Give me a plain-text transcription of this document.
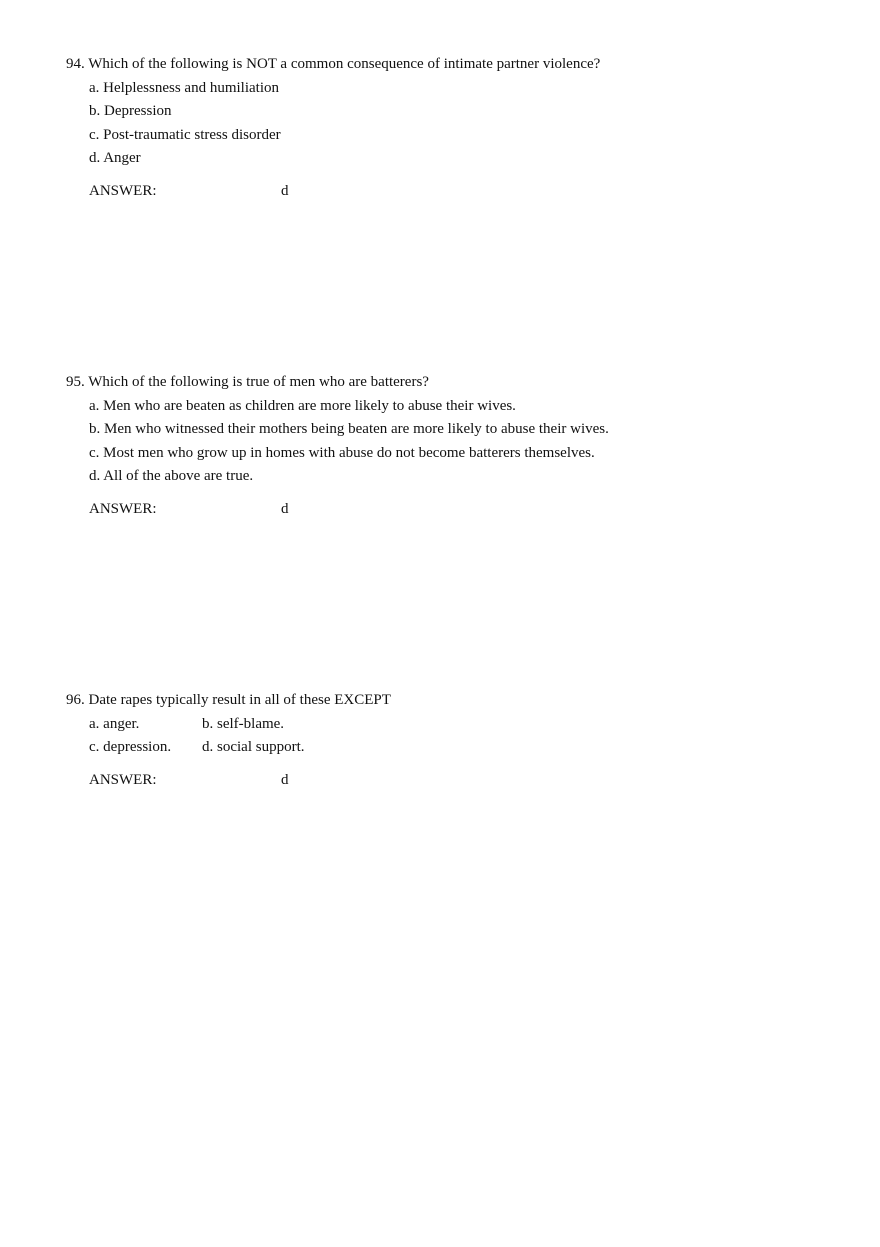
94. Which of the following is NOT a common consequence of intimate partner violence?
a. Helplessness and humiliation
b. Depression
c. Post-traumatic stress disorder
d. Anger
ANSWER:	d
95. Which of the following is true of men who are batterers?
a. Men who are beaten as children are more likely to abuse their wives.
b. Men who witnessed their mothers being beaten are more likely to abuse their wives.
c. Most men who grow up in homes with abuse do not become batterers themselves.
d. All of the above are true.
ANSWER:	d
96. Date rapes typically result in all of these EXCEPT
a. anger.	b. self-blame.
c. depression. d. social support.
ANSWER:	d
